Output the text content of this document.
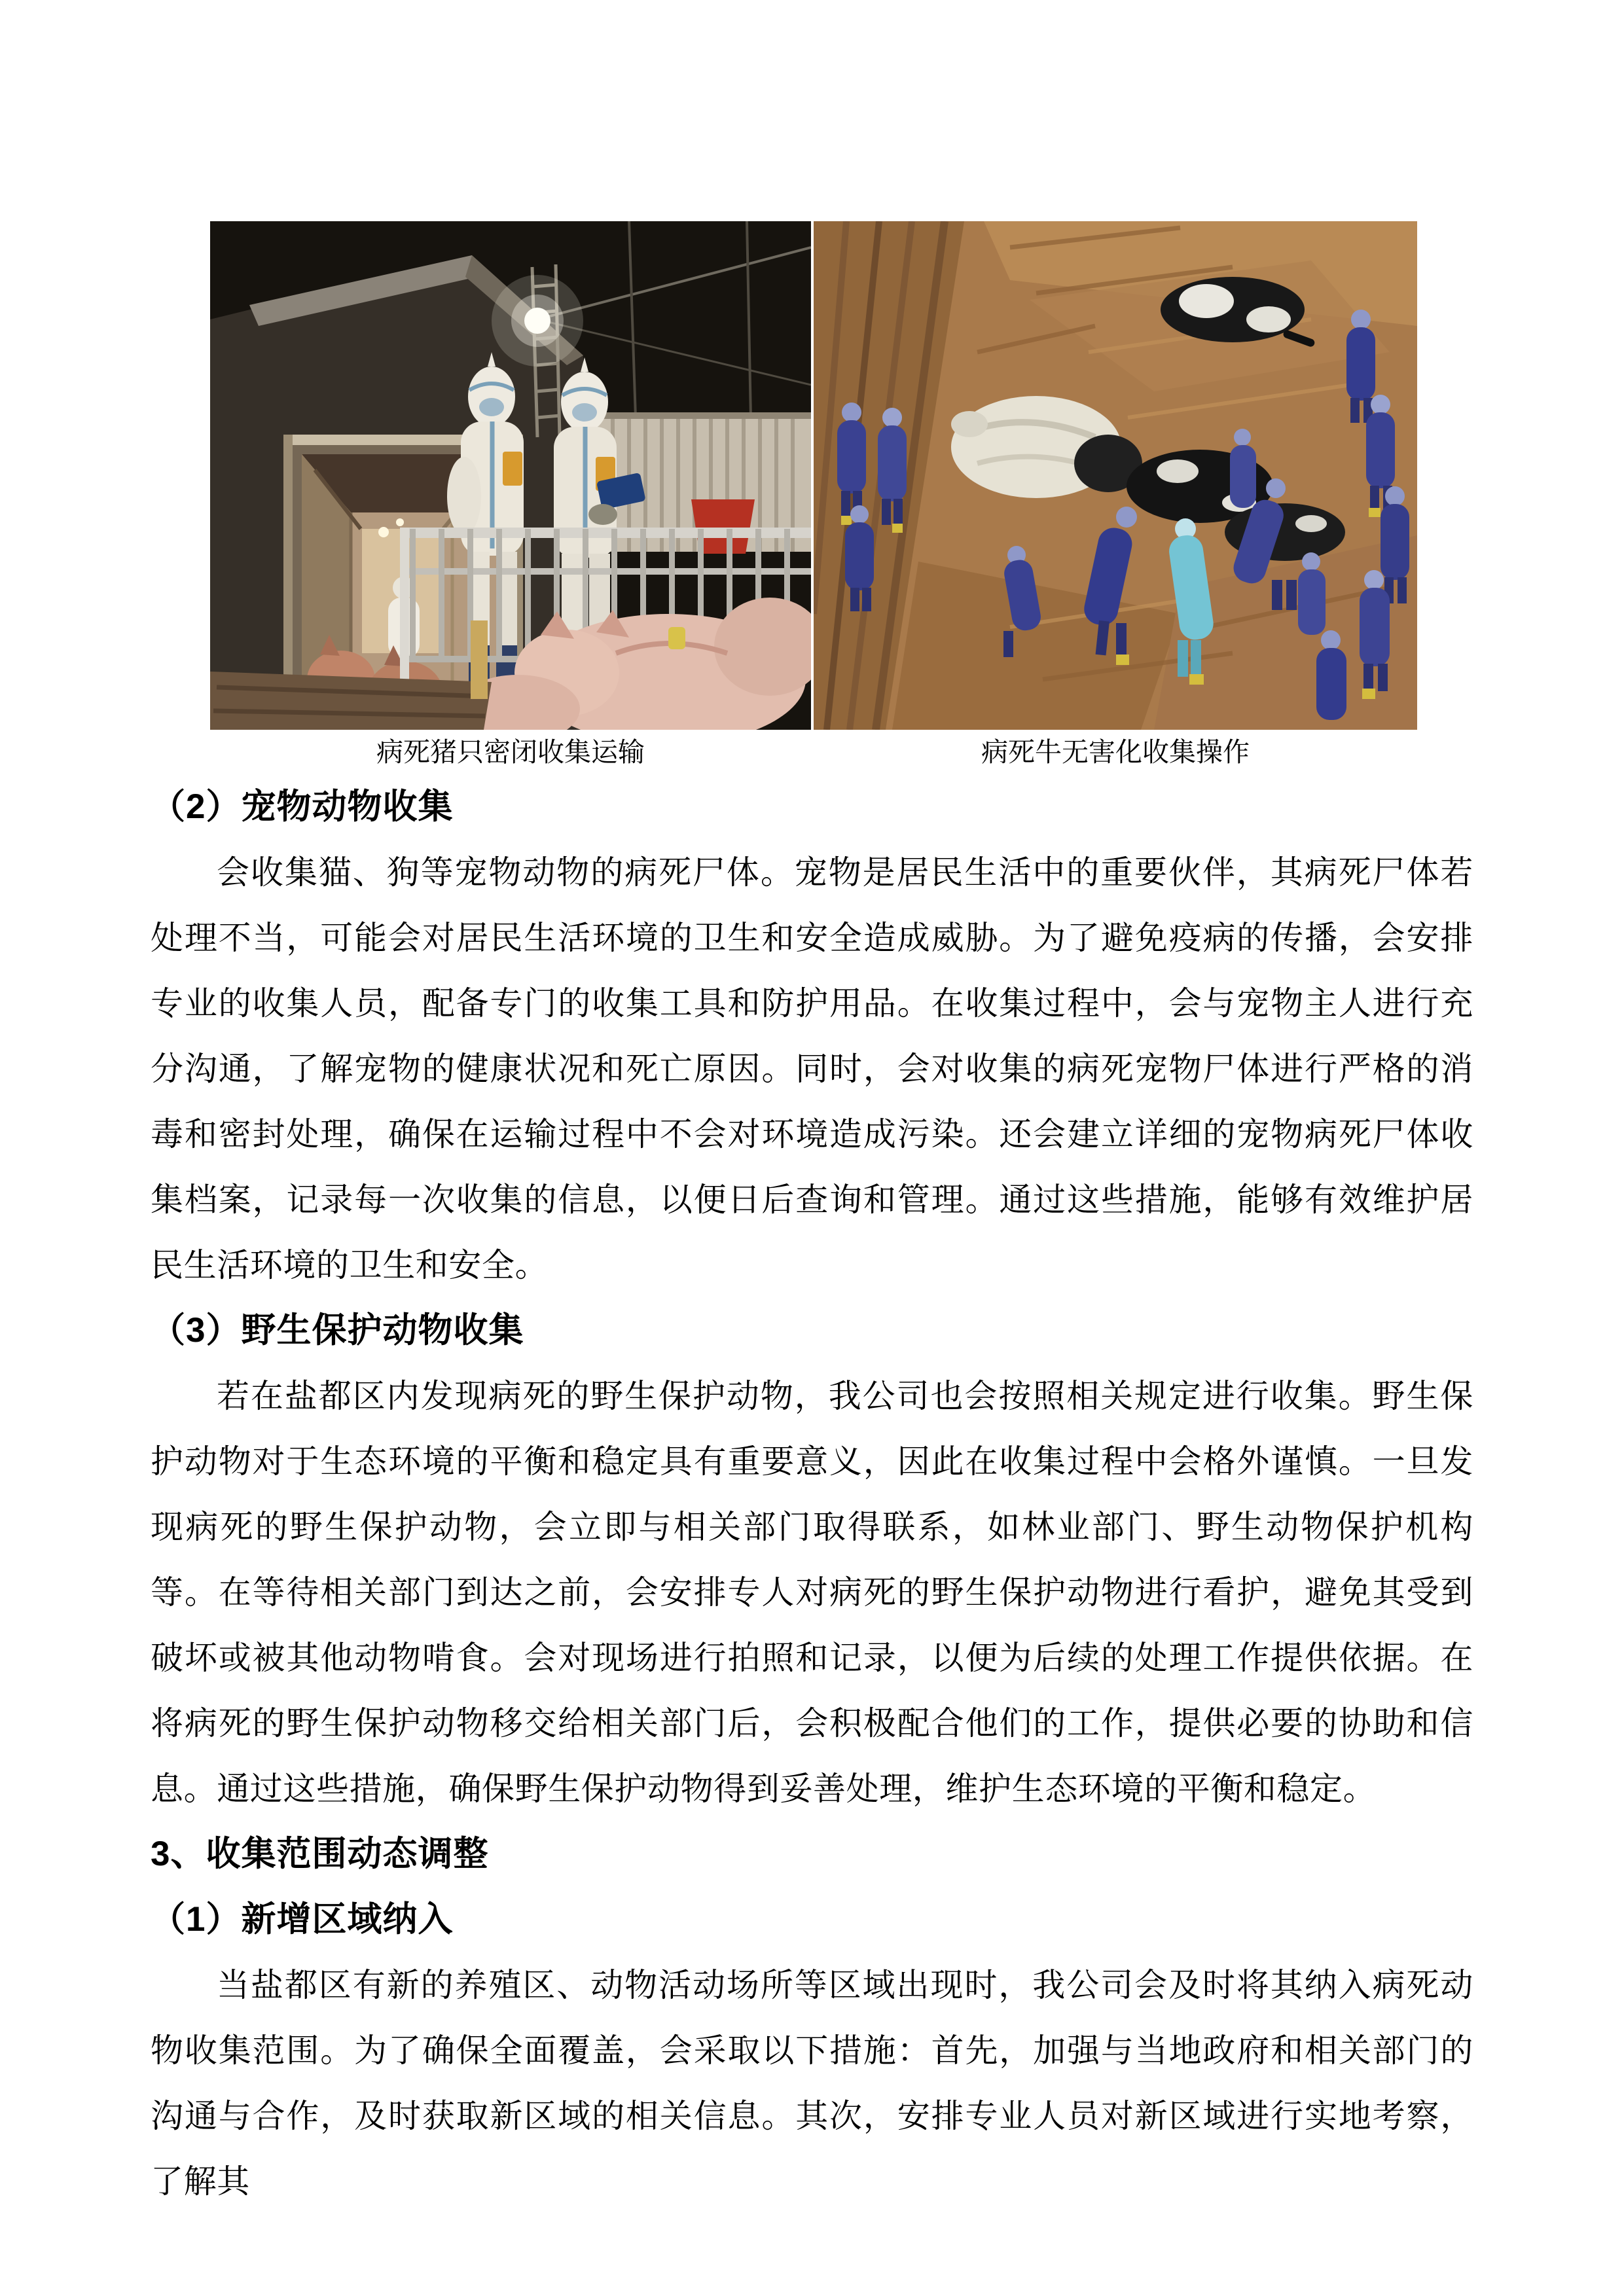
病死猪只密闭收集运输	病死牛无害化收集操作
（2）宠物动物收集

会收集猫、狗等宠物动物的病死尸体。宠物是居民生活中的重要伙伴，其病死尸体若处理不当，可能会对居民生活环境的卫生和安全造成威胁。为了避免疫病的传播，会安排专业的收集人员，配备专门的收集工具和防护用品。在收集过程中，会与宠物主人进行充分沟通，了解宠物的健康状况和死亡原因。同时，会对收集的病死宠物尸体进行严格的消毒和密封处理，确保在运输过程中不会对环境造成污染。还会建立详细的宠物病死尸体收集档案，记录每一次收集的信息，以便日后查询和管理。通过这些措施，能够有效维护居民生活环境的卫生和安全。

（3）野生保护动物收集

若在盐都区内发现病死的野生保护动物，我公司也会按照相关规定进行收集。野生保护动物对于生态环境的平衡和稳定具有重要意义，因此在收集过程中会格外谨慎。一旦发现病死的野生保护动物，会立即与相关部门取得联系，如林业部门、野生动物保护机构等。在等待相关部门到达之前，会安排专人对病死的野生保护动物进行看护，避免其受到破坏或被其他动物啃食。会对现场进行拍照和记录，以便为后续的处理工作提供依据。在将病死的野生保护动物移交给相关部门后，会积极配合他们的工作，提供必要的协助和信息。通过这些措施，确保野生保护动物得到妥善处理，维护生态环境的平衡和稳定。

3、收集范围动态调整
（1）新增区域纳入

当盐都区有新的养殖区、动物活动场所等区域出现时，我公司会及时将其纳入病死动物收集范围。为了确保全面覆盖，会采取以下措施：首先，加强与当地政府和相关部门的沟通与合作，及时获取新区域的相关信息。其次，安排专业人员对新区域进行实地考察，了解其
